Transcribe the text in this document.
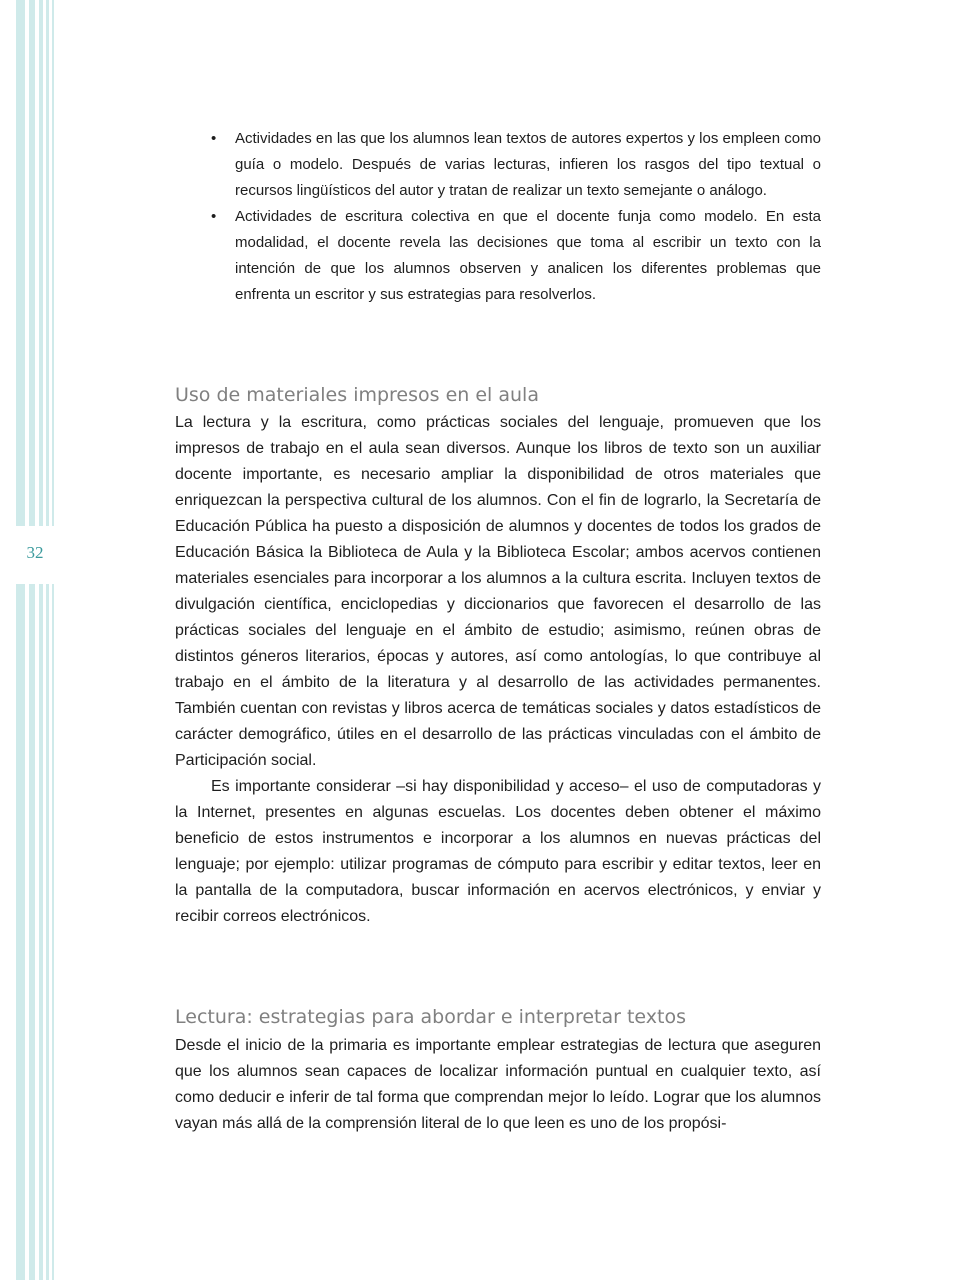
32
• Actividades en las que los alumnos lean textos de autores expertos y los empleen como guía o modelo. Después de varias lecturas, infieren los rasgos del tipo textual o recursos lingüísticos del autor y tratan de realizar un texto semejante o análogo.
• Actividades de escritura colectiva en que el docente funja como modelo. En esta modalidad, el docente revela las decisiones que toma al escribir un texto con la intención de que los alumnos observen y analicen los diferentes problemas que enfrenta un escritor y sus estrategias para resolverlos.
Uso de materiales impresos en el aula

La lectura y la escritura, como prácticas sociales del lenguaje, promueven que los impresos de trabajo en el aula sean diversos. Aunque los libros de texto son un auxiliar docente importante, es necesario ampliar la disponibilidad de otros materiales que enriquezcan la perspectiva cultural de los alumnos. Con el fin de lograrlo, la Secretaría de Educación Pública ha puesto a disposición de alumnos y docentes de todos los grados de Educación Básica la Biblioteca de Aula y la Biblioteca Escolar; ambos acervos contienen materiales esenciales para incorporar a los alumnos a la cultura escrita. Incluyen textos de divulgación científica, enciclopedias y diccionarios que favorecen el desarrollo de las prácticas sociales del lenguaje en el ámbito de estudio; asimismo, reúnen obras de distintos géneros literarios, épocas y autores, así como antologías, lo que contribuye al trabajo en el ámbito de la literatura y al desarrollo de las actividades permanentes. También cuentan con revistas y libros acerca de temáticas sociales y datos estadísticos de carácter demográfico, útiles en el desarrollo de las prácticas vinculadas con el ámbito de Participación social.

Es importante considerar –si hay disponibilidad y acceso– el uso de computadoras y la Internet, presentes en algunas escuelas. Los docentes deben obtener el máximo beneficio de estos instrumentos e incorporar a los alumnos en nuevas prácticas del lenguaje; por ejemplo: utilizar programas de cómputo para escribir y editar textos, leer en la pantalla de la computadora, buscar información en acervos electrónicos, y enviar y recibir correos electrónicos.

Lectura: estrategias para abordar e interpretar textos

Desde el inicio de la primaria es importante emplear estrategias de lectura que aseguren que los alumnos sean capaces de localizar información puntual en cualquier texto, así como deducir e inferir de tal forma que comprendan mejor lo leído. Lograr que los alumnos vayan más allá de la comprensión literal de lo que leen es uno de los propósi-
